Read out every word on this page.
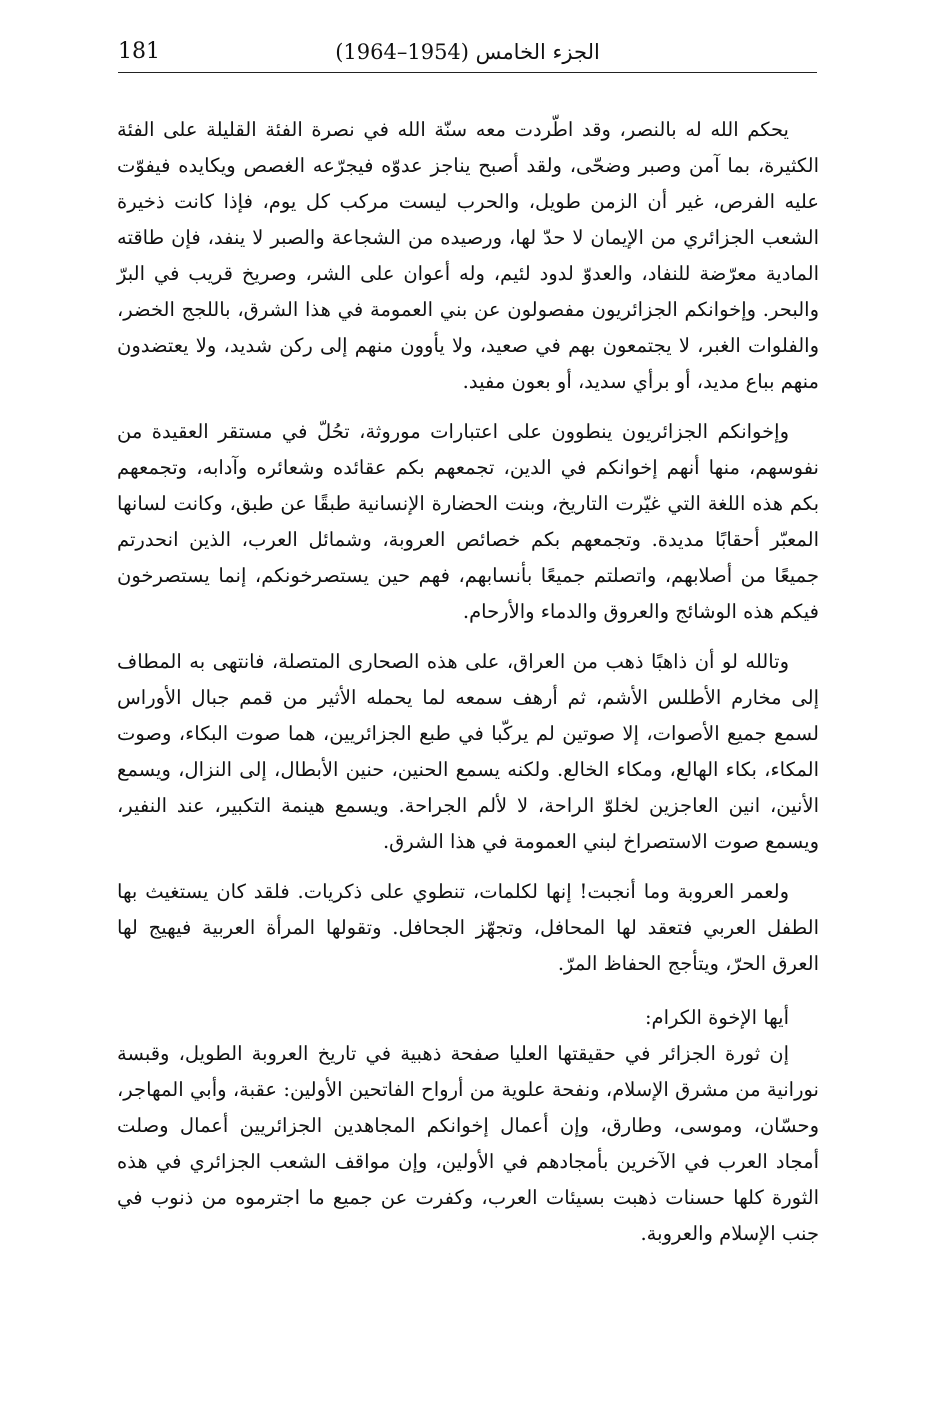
181	الجزء الخامس (1954–1964)

يحكم الله له بالنصر، وقد اطّردت معه سنّة الله في نصرة الفئة القليلة على الفئة الكثيرة، بما آمن وصبر وضحّى، ولقد أصبح يناجز عدوّه فيجرّعه الغصص ويكايده فيفوّت عليه الفرص، غير أن الزمن طويل، والحرب ليست مركب كل يوم، فإذا كانت ذخيرة الشعب الجزائري من الإيمان لا حدّ لها، ورصيده من الشجاعة والصبر لا ينفد، فإن طاقته المادية معرّضة للنفاد، والعدوّ لدود لئيم، وله أعوان على الشر، وصريخ قريب في البرّ والبحر. وإخوانكم الجزائريون مفصولون عن بني العمومة في هذا الشرق، باللجج الخضر، والفلوات الغبر، لا يجتمعون بهم في صعيد، ولا يأوون منهم إلى ركن شديد، ولا يعتضدون منهم بباع مديد، أو برأي سديد، أو بعون مفيد.

وإخوانكم الجزائريون ينطوون على اعتبارات موروثة، تحُلّ في مستقر العقيدة من نفوسهم، منها أنهم إخوانكم في الدين، تجمعهم بكم عقائده وشعائره وآدابه، وتجمعهم بكم هذه اللغة التي غيّرت التاريخ، وبنت الحضارة الإنسانية طبقًا عن طبق، وكانت لسانها المعبّر أحقابًا مديدة. وتجمعهم بكم خصائص العروبة، وشمائل العرب، الذين انحدرتم جميعًا من أصلابهم، واتصلتم جميعًا بأنسابهم، فهم حين يستصرخونكم، إنما يستصرخون فيكم هذه الوشائج والعروق والدماء والأرحام.

وتالله لو أن ذاهبًا ذهب من العراق، على هذه الصحارى المتصلة، فانتهى به المطاف إلى مخارم الأطلس الأشم، ثم أرهف سمعه لما يحمله الأثير من قمم جبال الأوراس لسمع جميع الأصوات، إلا صوتين لم يركّبا في طبع الجزائريين، هما صوت البكاء، وصوت المكاء، بكاء الهالع، ومكاء الخالع. ولكنه يسمع الحنين، حنين الأبطال، إلى النزال، ويسمع الأنين، انين العاجزين لخلوّ الراحة، لا لألم الجراحة. ويسمع هينمة التكبير، عند النفير، ويسمع صوت الاستصراخ لبني العمومة في هذا الشرق.

ولعمر العروبة وما أنجبت! إنها لكلمات، تنطوي على ذكريات. فلقد كان يستغيث بها الطفل العربي فتعقد لها المحافل، وتجهّز الجحافل. وتقولها المرأة العربية فيهيج لها العرق الحرّ، ويتأجج الحفاظ المرّ.

أيها الإخوة الكرام:

إن ثورة الجزائر في حقيقتها العليا صفحة ذهبية في تاريخ العروبة الطويل، وقبسة نورانية من مشرق الإسلام، ونفحة علوية من أرواح الفاتحين الأولين: عقبة، وأبي المهاجر، وحسّان، وموسى، وطارق، وإن أعمال إخوانكم المجاهدين الجزائريين أعمال وصلت أمجاد العرب في الآخرين بأمجادهم في الأولين، وإن مواقف الشعب الجزائري في هذه الثورة كلها حسنات ذهبت بسيئات العرب، وكفرت عن جميع ما اجترموه من ذنوب في جنب الإسلام والعروبة.
